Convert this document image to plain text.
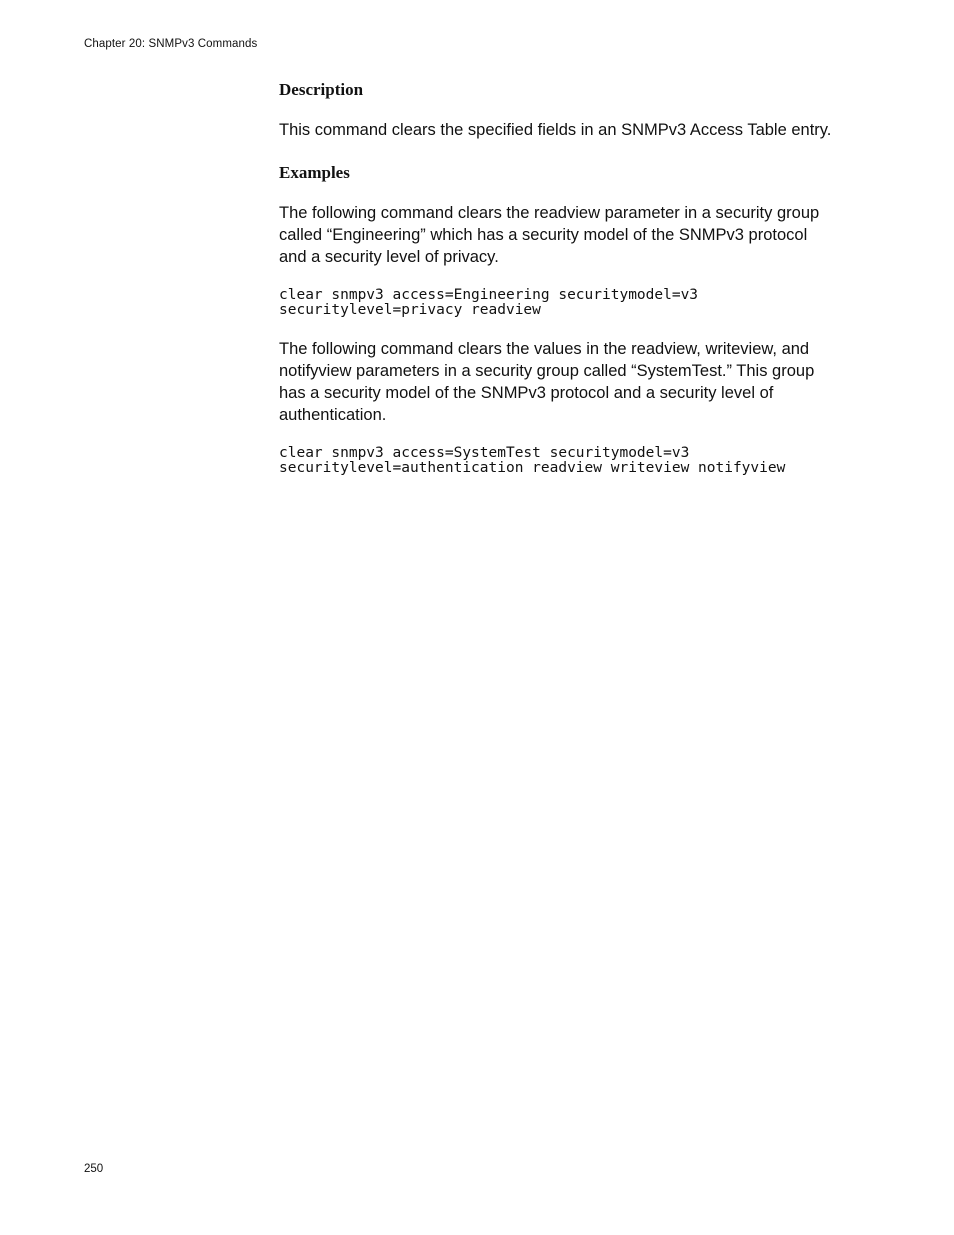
Chapter 20: SNMPv3 Commands
Description

This command clears the specified fields in an SNMPv3 Access Table entry.

Examples

The following command clears the readview parameter in a security group called “Engineering” which has a security model of the SNMPv3 protocol and a security level of privacy.

clear snmpv3 access=Engineering securitymodel=v3
securitylevel=privacy readview

The following command clears the values in the readview, writeview, and notifyview parameters in a security group called “SystemTest.” This group has a security model of the SNMPv3 protocol and a security level of authentication.

clear snmpv3 access=SystemTest securitymodel=v3
securitylevel=authentication readview writeview notifyview
250
